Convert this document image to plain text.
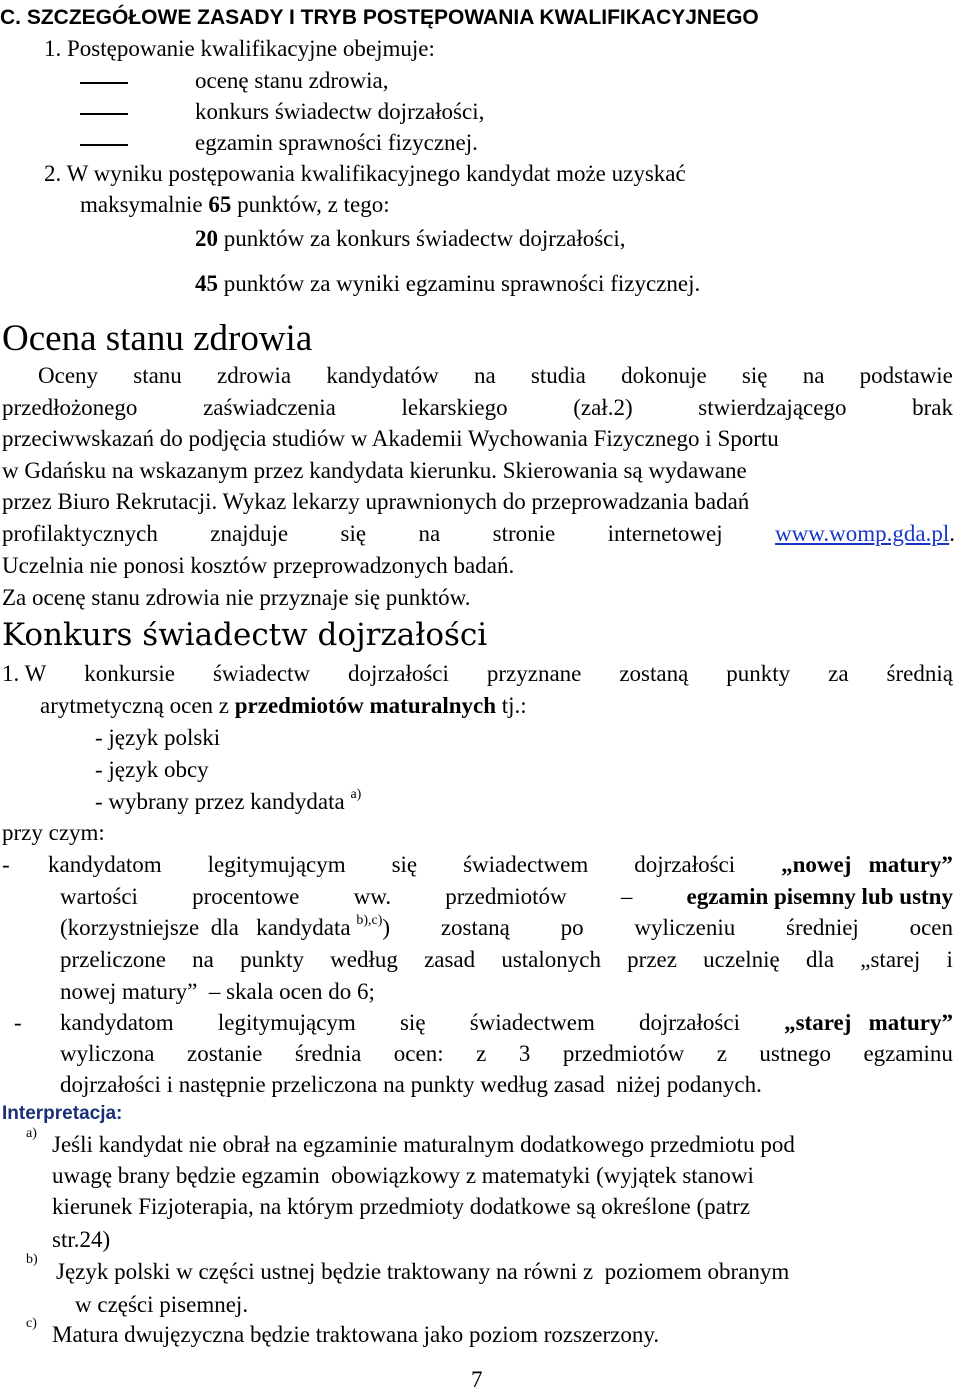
C. SZCZEGÓŁOWE ZASADY I TRYB POSTĘPOWANIA KWALIFIKACYJNEGO
1. Postępowanie kwalifikacyjne obejmuje:
ocenę stanu zdrowia,
konkurs świadectw dojrzałości,
egzamin sprawności fizycznej.
2. W wyniku postępowania kwalifikacyjnego kandydat może uzyskać
maksymalnie 65 punktów, z tego:
20 punktów za konkurs świadectw dojrzałości,
45 punktów za wyniki egzaminu sprawności fizycznej.
Ocena stanu zdrowia
Oceny stanu zdrowia kandydatów na studia dokonuje się na podstawie
przedłożonego	zaświadczenia	lekarskiego	(zał.2)	stwierdzającego	brak
przeciwwskazań do podjęcia studiów w Akademii Wychowania Fizycznego i Sportu
w Gdańsku na wskazanym przez kandydata kierunku. Skierowania są wydawane
przez Biuro Rekrutacji. Wykaz lekarzy uprawnionych do przeprowadzania badań
profilaktycznych znajduje się na stronie internetowej www.womp.gda.pl.
Uczelnia nie ponosi kosztów przeprowadzonych badań.
Za ocenę stanu zdrowia nie przyznaje się punktów.
Konkurs świadectw dojrzałości
1. W konkursie świadectw dojrzałości przyznane zostaną punkty za średnią
arytmetyczną ocen z przedmiotów maturalnych tj.:
- język polski
- język obcy
- wybrany przez kandydata $^{a)}$
przy czym:
- kandydatom legitymującym się świadectwem dojrzałości „nowej   matury”
wartości procentowe ww. przedmiotów – egzamin pisemny lub ustny
(korzystniejsze  dla   kandydata $^{b),c)}$) zostaną po wyliczeniu średniej ocen
przeliczone na punkty według zasad ustalonych przez uczelnię dla „starej i
nowej matury”  – skala ocen do 6;
- kandydatom legitymującym się świadectwem dojrzałości „starej   matury”
wyliczona zostanie średnia ocen: z 3 przedmiotów z ustnego egzaminu
dojrzałości i następnie przeliczona na punkty według zasad  niżej podanych.
Interpretacja:
a) Jeśli kandydat nie obrał na egzaminie maturalnym dodatkowego przedmiotu pod
uwagę brany będzie egzamin  obowiązkowy z matematyki (wyjątek stanowi
kierunek Fizjoterapia, na którym przedmioty dodatkowe są określone (patrz
str.24)
b) Język polski w części ustnej będzie traktowany na równi z  poziomem obranym
w części pisemnej.
c) Matura dwujęzyczna będzie traktowana jako poziom rozszerzony.
7
